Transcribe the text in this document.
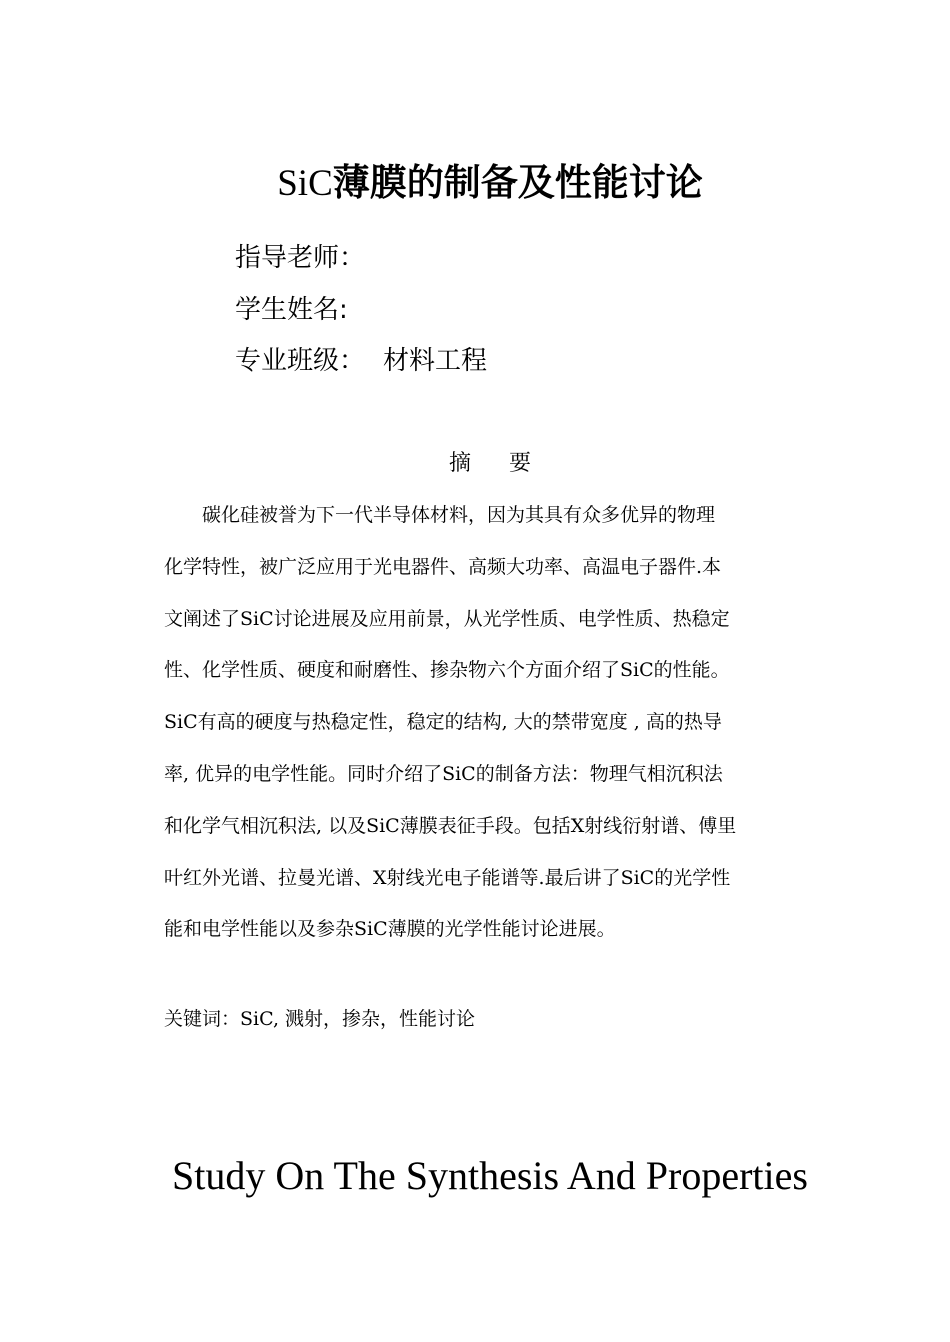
SiC薄膜的制备及性能讨论
指导老师：
学生姓名:
专业班级： 材料工程
摘要
　　碳化硅被誉为下一代半导体材料，因为其具有众多优异的物理
化学特性，被广泛应用于光电器件、高频大功率、高温电子器件.本
文阐述了SiC讨论进展及应用前景，从光学性质、电学性质、热稳定
性、化学性质、硬度和耐磨性、掺杂物六个方面介绍了SiC的性能。
SiC有高的硬度与热稳定性，稳定的结构, 大的禁带宽度 , 高的热导
率, 优异的电学性能。同时介绍了SiC的制备方法：物理气相沉积法
和化学气相沉积法, 以及SiC薄膜表征手段。包括X射线衍射谱、傅里
叶红外光谱、拉曼光谱、X射线光电子能谱等.最后讲了SiC的光学性
能和电学性能以及参杂SiC薄膜的光学性能讨论进展。
关键词：SiC, 溅射，掺杂，性能讨论
Study On The Synthesis And Properties
